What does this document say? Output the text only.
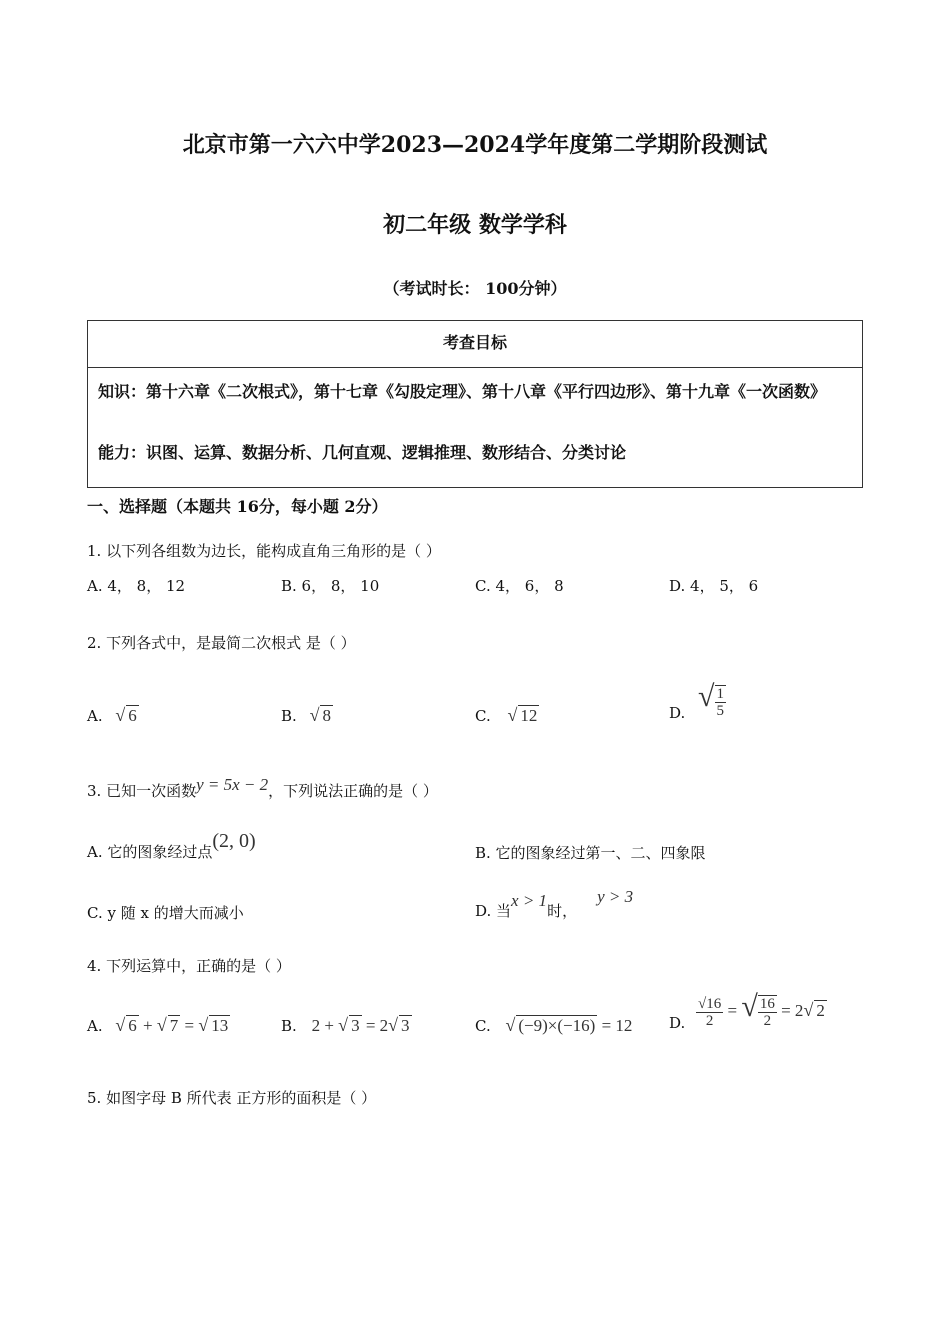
北京市第一六六中学2023—2024学年度第二学期阶段测试
初二年级 数学学科
（考试时长： 100分钟）
考查目标
知识：第十六章《二次根式》，第十七章《勾股定理》、第十八章《平行四边形》、第十九章《一次函数》
能力：识图、运算、数据分析、几何直观、逻辑推理、数形结合、分类讨论
一、选择题（本题共 16分，每小题 2分）
1. 以下列各组数为边长，能构成直角三角形的是（ ）
A. 4， 8， 12	B. 6， 8， 10	C. 4， 6， 8	D. 4， 5， 6
2. 下列各式中，是最简二次根式 是（ ）
A. √ 6	B. √ 8	C. √ 12	D. √ $\frac{1}{5}$
3. 已知一次函数y = 5x − 2，下列说法正确的是（ ）
A. 它的图象经过点(2, 0)
B. 它的图象经过第一、二、四象限
C. y 随 x 的增大而减小	D. 当x > 1时，y > 3
4. 下列运算中，正确的是（ ）
A. √ 6 + √ 7 = √ 13	B. 2 + √ 3 = 2√ 3	C. √ (−9)×(−16) = 12 D. $\frac{√16}{2}$ = √ $\frac{16}{2} = 2√$ 2
5. 如图字母 B 所代表 正方形的面积是（ ）
